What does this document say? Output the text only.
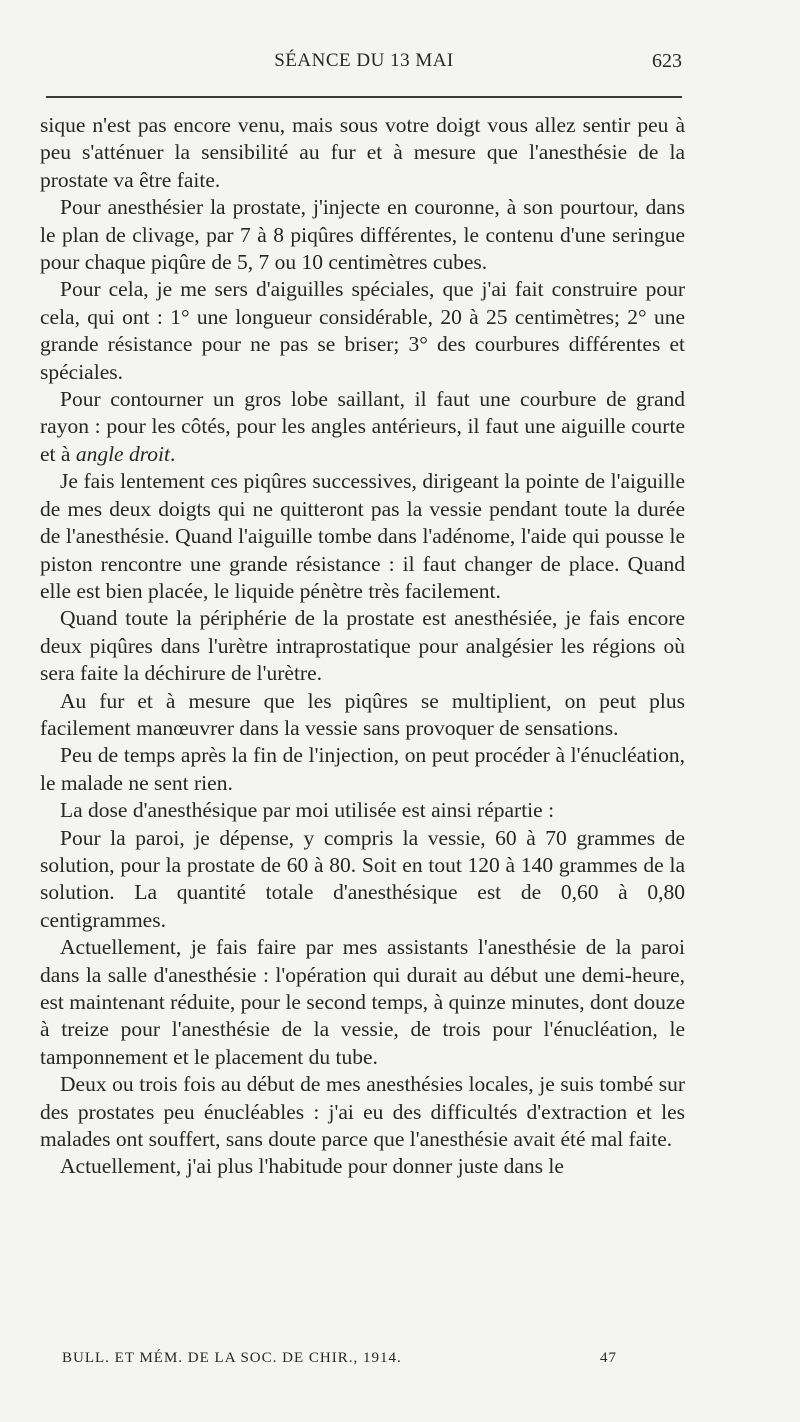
SÉANCE DU 13 MAI	623

sique n'est pas encore venu, mais sous votre doigt vous allez sentir peu à peu s'atténuer la sensibilité au fur et à mesure que l'anesthésie de la prostate va être faite.

Pour anesthésier la prostate, j'injecte en couronne, à son pourtour, dans le plan de clivage, par 7 à 8 piqûres différentes, le contenu d'une seringue pour chaque piqûre de 5, 7 ou 10 centimètres cubes.

Pour cela, je me sers d'aiguilles spéciales, que j'ai fait construire pour cela, qui ont : 1° une longueur considérable, 20 à 25 centimètres; 2° une grande résistance pour ne pas se briser; 3° des courbures différentes et spéciales.

Pour contourner un gros lobe saillant, il faut une courbure de grand rayon : pour les côtés, pour les angles antérieurs, il faut une aiguille courte et à angle droit.

Je fais lentement ces piqûres successives, dirigeant la pointe de l'aiguille de mes deux doigts qui ne quitteront pas la vessie pendant toute la durée de l'anesthésie. Quand l'aiguille tombe dans l'adénome, l'aide qui pousse le piston rencontre une grande résistance : il faut changer de place. Quand elle est bien placée, le liquide pénètre très facilement.

Quand toute la périphérie de la prostate est anesthésiée, je fais encore deux piqûres dans l'urètre intraprostatique pour analgésier les régions où sera faite la déchirure de l'urètre.

Au fur et à mesure que les piqûres se multiplient, on peut plus facilement manœuvrer dans la vessie sans provoquer de sensations.

Peu de temps après la fin de l'injection, on peut procéder à l'énucléation, le malade ne sent rien.

La dose d'anesthésique par moi utilisée est ainsi répartie :

Pour la paroi, je dépense, y compris la vessie, 60 à 70 grammes de solution, pour la prostate de 60 à 80. Soit en tout 120 à 140 grammes de la solution. La quantité totale d'anesthésique est de 0,60 à 0,80 centigrammes.

Actuellement, je fais faire par mes assistants l'anesthésie de la paroi dans la salle d'anesthésie : l'opération qui durait au début une demi-heure, est maintenant réduite, pour le second temps, à quinze minutes, dont douze à treize pour l'anesthésie de la vessie, de trois pour l'énucléation, le tamponnement et le placement du tube.

Deux ou trois fois au début de mes anesthésies locales, je suis tombé sur des prostates peu énucléables : j'ai eu des difficultés d'extraction et les malades ont souffert, sans doute parce que l'anesthésie avait été mal faite.

Actuellement, j'ai plus l'habitude pour donner juste dans le

BULL. ET MÉM. DE LA SOC. DE CHIR., 1914.	47
